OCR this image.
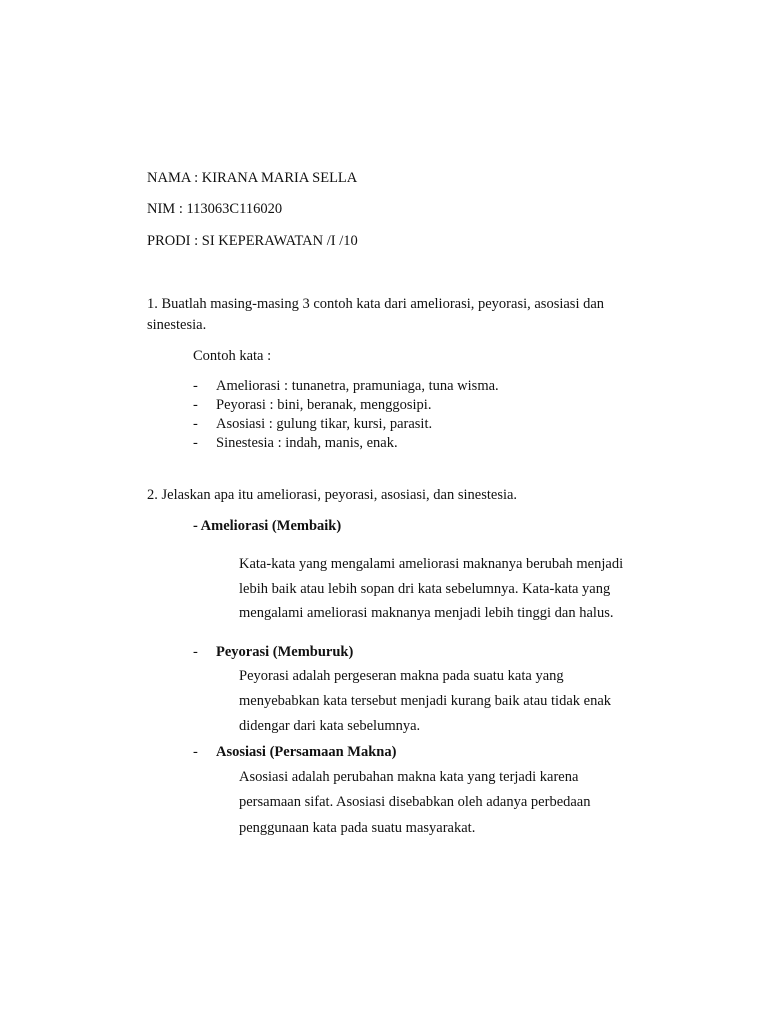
NAMA : KIRANA MARIA SELLA
NIM : 113063C116020
PRODI : SI KEPERAWATAN /I /10
1. Buatlah masing-masing 3 contoh kata dari ameliorasi, peyorasi, asosiasi dan
sinestesia.
Contoh kata :
- Ameliorasi : tunanetra, pramuniaga, tuna wisma.
- Peyorasi : bini, beranak, menggosipi.
- Asosiasi : gulung tikar, kursi, parasit.
- Sinestesia : indah, manis, enak.
2. Jelaskan apa itu ameliorasi, peyorasi, asosiasi, dan sinestesia.
- Ameliorasi (Membaik)
Kata-kata yang mengalami ameliorasi maknanya berubah menjadi
lebih baik atau lebih sopan dri kata sebelumnya. Kata-kata yang
mengalami ameliorasi maknanya menjadi lebih tinggi dan halus.
- Peyorasi (Memburuk)
Peyorasi adalah pergeseran makna pada suatu kata yang
menyebabkan kata tersebut menjadi kurang baik atau tidak enak
didengar dari kata sebelumnya.
- Asosiasi (Persamaan Makna)
Asosiasi adalah perubahan makna kata yang terjadi karena
persamaan sifat. Asosiasi disebabkan oleh adanya perbedaan
penggunaan kata pada suatu masyarakat.
